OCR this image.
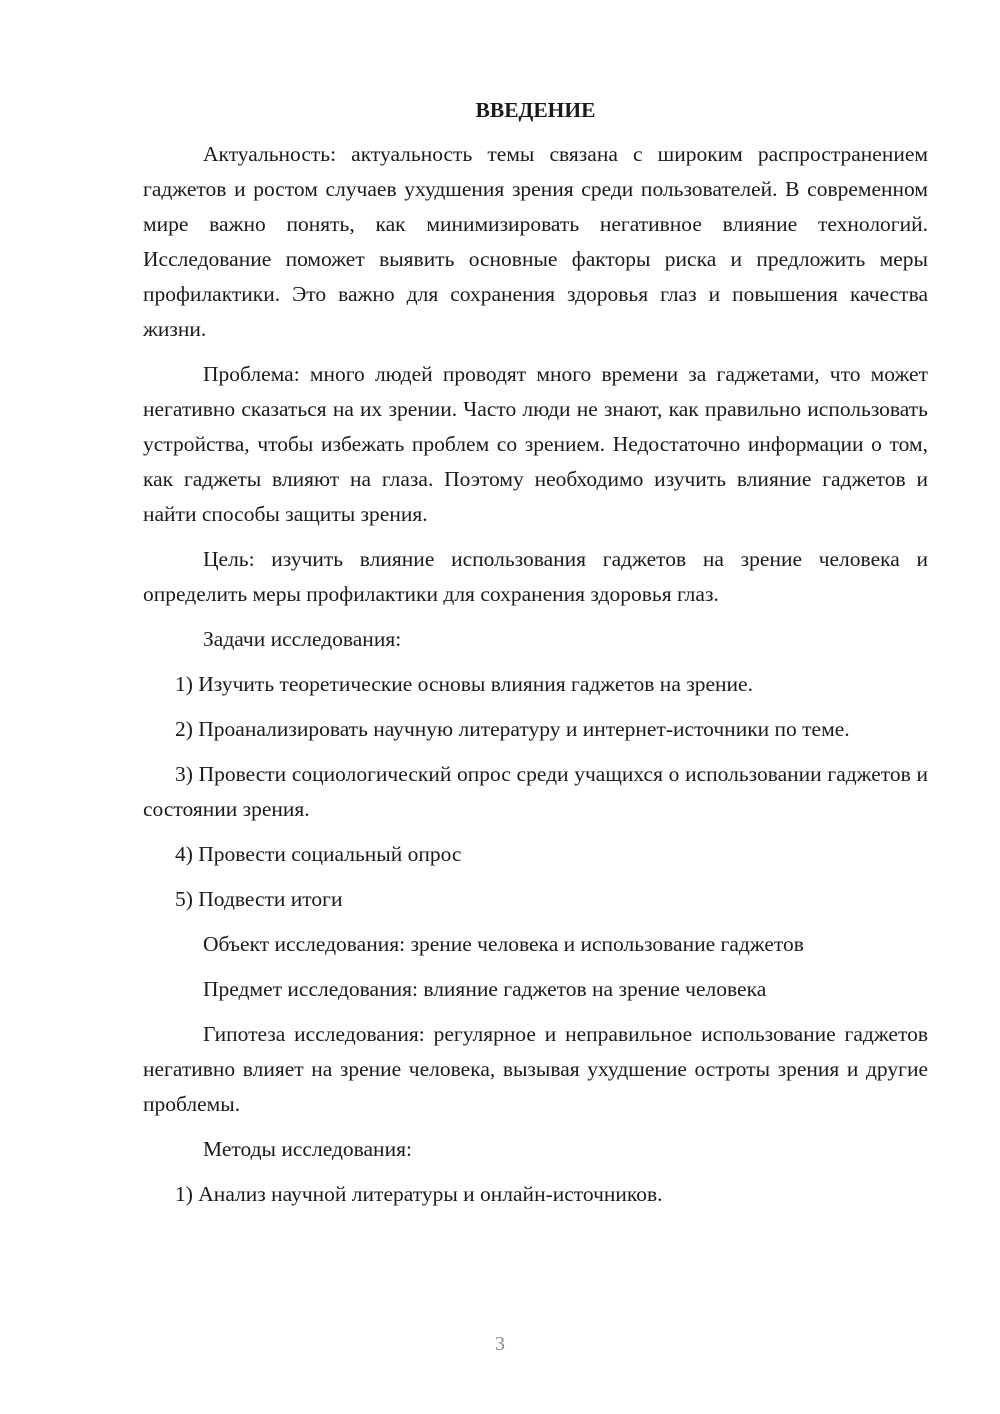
ВВЕДЕНИЕ

Актуальность: актуальность темы связана с широким распространением гаджетов и ростом случаев ухудшения зрения среди пользователей. В современном мире важно понять, как минимизировать негативное влияние технологий. Исследование поможет выявить основные факторы риска и предложить меры профилактики. Это важно для сохранения здоровья глаз и повышения качества жизни.

Проблема: много людей проводят много времени за гаджетами, что может негативно сказаться на их зрении. Часто люди не знают, как правильно использовать устройства, чтобы избежать проблем со зрением. Недостаточно информации о том, как гаджеты влияют на глаза. Поэтому необходимо изучить влияние гаджетов и найти способы защиты зрения.

Цель: изучить влияние использования гаджетов на зрение человека и определить меры профилактики для сохранения здоровья глаз.

Задачи исследования:

1) Изучить теоретические основы влияния гаджетов на зрение.

2) Проанализировать научную литературу и интернет-источники по теме.

3) Провести социологический опрос среди учащихся о использовании гаджетов и состоянии зрения.

4) Провести социальный опрос

5) Подвести итоги

Объект исследования: зрение человека и использование гаджетов

Предмет исследования: влияние гаджетов на зрение человека

Гипотеза исследования: регулярное и неправильное использование гаджетов негативно влияет на зрение человека, вызывая ухудшение остроты зрения и другие проблемы.

Методы исследования:

1) Анализ научной литературы и онлайн-источников.

3
